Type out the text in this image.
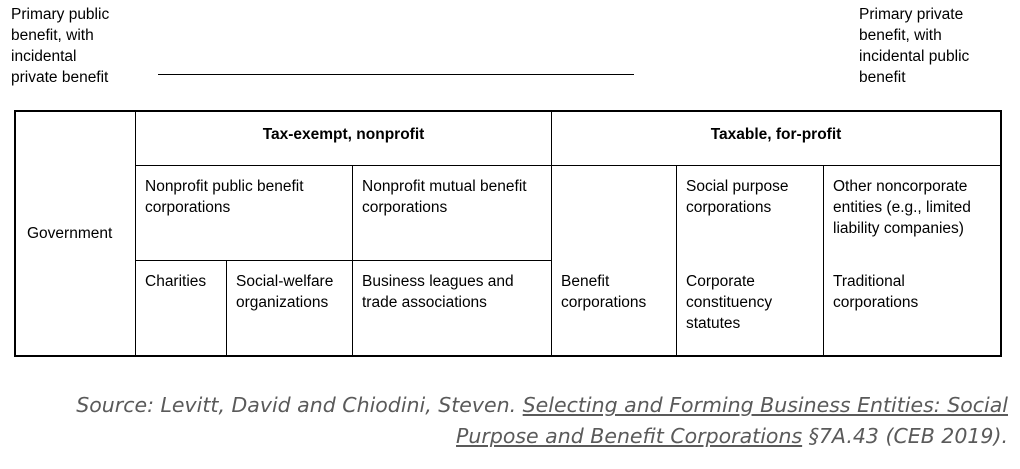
Primary public
benefit, with
incidental
private benefit
Primary private
benefit, with
incidental public
benefit
Government
Tax-exempt, nonprofit	Taxable, for-profit
Nonprofit public benefit corporations
Nonprofit mutual benefit corporations
Charities	Social-welfare organizations
Business leagues and trade associations
Benefit corporations
Social purpose corporations
Corporate constituency statutes
Other noncorporate entities (e.g., limited liability companies)
Traditional corporations
Source: Levitt, David and Chiodini, Steven. Selecting and Forming Business Entities: Social Purpose and Benefit Corporations §7A.43 (CEB 2019).
